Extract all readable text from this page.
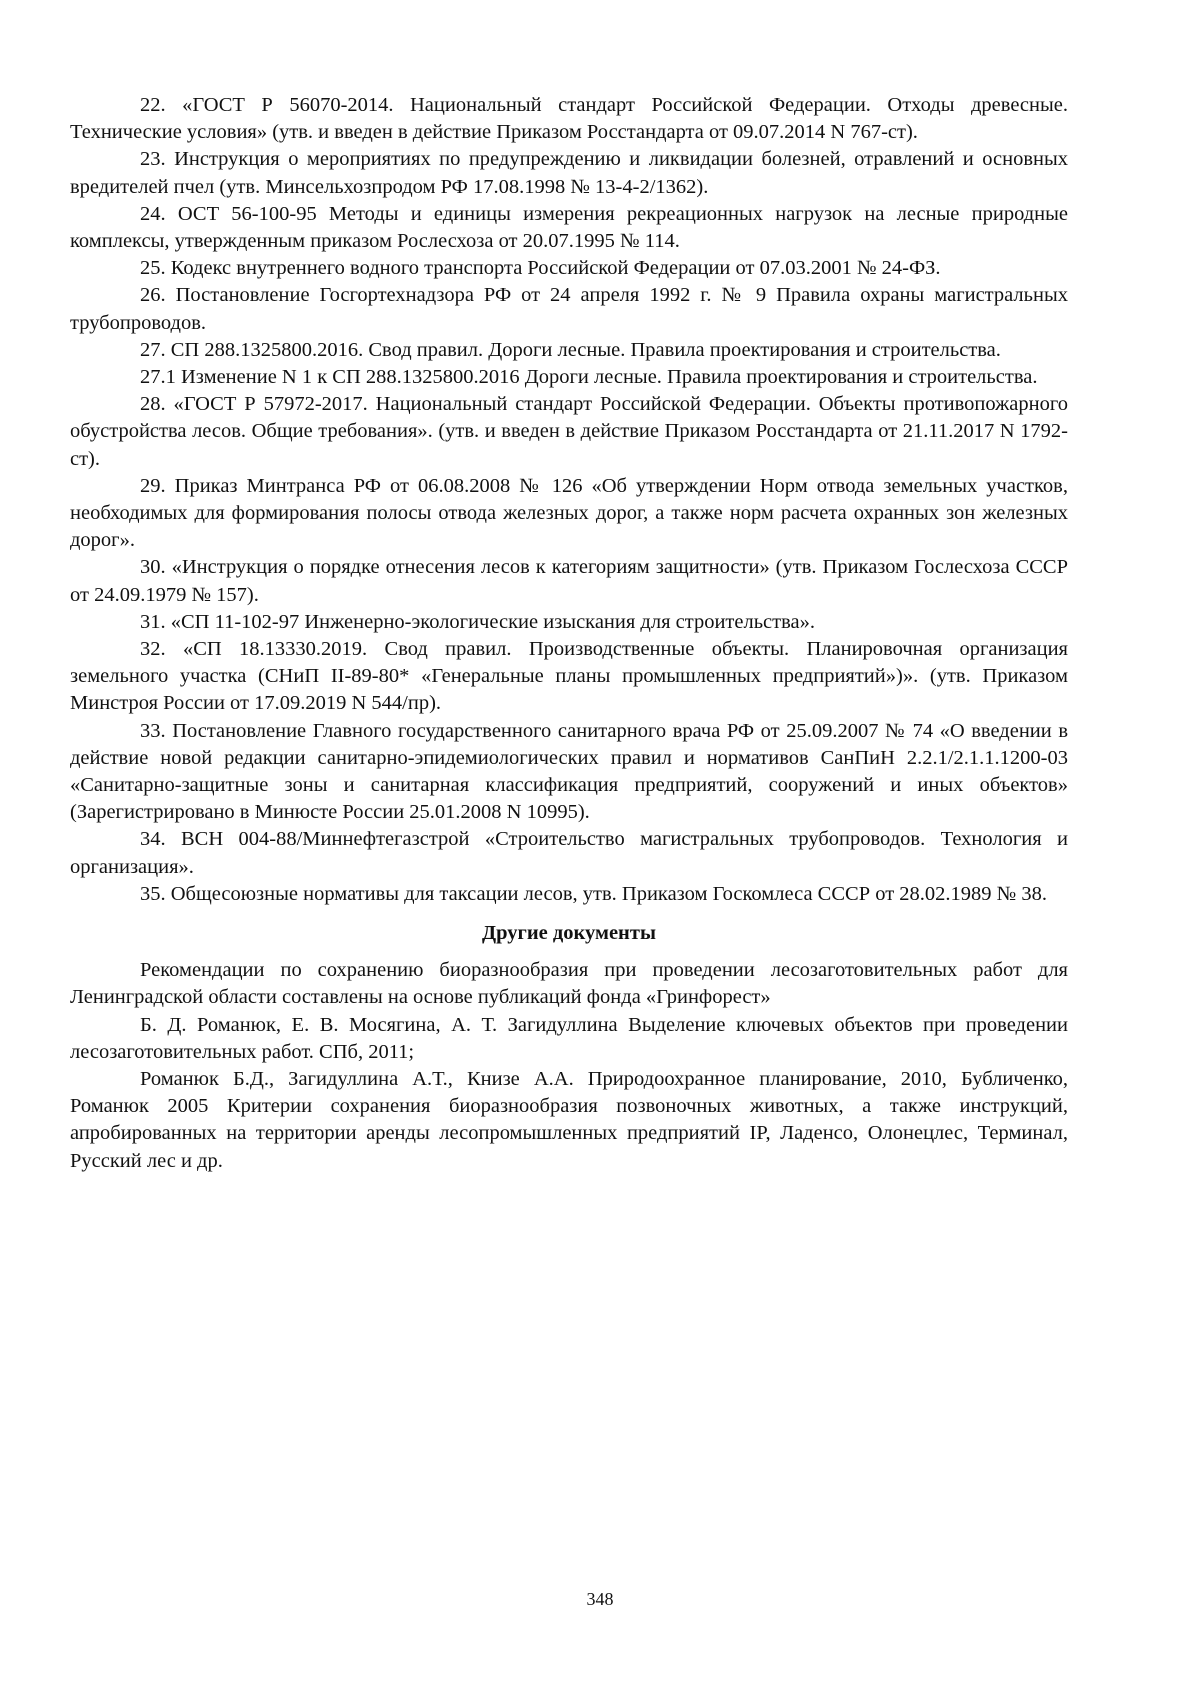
22. «ГОСТ Р 56070-2014. Национальный стандарт Российской Федерации. Отходы древесные. Технические условия» (утв. и введен в действие Приказом Росстандарта от 09.07.2014 N 767-ст).

23. Инструкция о мероприятиях по предупреждению и ликвидации болезней, отравлений и основных вредителей пчел (утв. Минсельхозпродом РФ 17.08.1998 № 13-4-2/1362).

24. ОСТ 56-100-95 Методы и единицы измерения рекреационных нагрузок на лесные природные комплексы, утвержденным приказом Рослесхоза от 20.07.1995 № 114.

25. Кодекс внутреннего водного транспорта Российской Федерации от 07.03.2001 № 24-ФЗ.

26. Постановление Госгортехнадзора РФ от 24 апреля 1992 г. № 9 Правила охраны магистральных трубопроводов.

27. СП 288.1325800.2016. Свод правил. Дороги лесные. Правила проектирования и строительства.

27.1 Изменение N 1 к СП 288.1325800.2016 Дороги лесные. Правила проектирования и строительства.

28. «ГОСТ Р 57972-2017. Национальный стандарт Российской Федерации. Объекты противопожарного обустройства лесов. Общие требования». (утв. и введен в действие Приказом Росстандарта от 21.11.2017 N 1792-ст).

29. Приказ Минтранса РФ от 06.08.2008 № 126 «Об утверждении Норм отвода земельных участков, необходимых для формирования полосы отвода железных дорог, а также норм расчета охранных зон железных дорог».

30. «Инструкция о порядке отнесения лесов к категориям защитности» (утв. Приказом Гослесхоза СССР от 24.09.1979 № 157).

31. «СП 11-102-97 Инженерно-экологические изыскания для строительства».

32. «СП 18.13330.2019. Свод правил. Производственные объекты. Планировочная организация земельного участка (СНиП II-89-80* «Генеральные планы промышленных предприятий»)». (утв. Приказом Минстроя России от 17.09.2019 N 544/пр).

33. Постановление Главного государственного санитарного врача РФ от 25.09.2007 № 74 «О введении в действие новой редакции санитарно-эпидемиологических правил и нормативов СанПиН 2.2.1/2.1.1.1200-03 «Санитарно-защитные зоны и санитарная классификация предприятий, сооружений и иных объектов» (Зарегистрировано в Минюсте России 25.01.2008 N 10995).

34. ВСН 004-88/Миннефтегазстрой «Строительство магистральных трубопроводов. Технология и организация».

35. Общесоюзные нормативы для таксации лесов, утв. Приказом Госкомлеса СССР от 28.02.1989 № 38.

Другие документы

Рекомендации по сохранению биоразнообразия при проведении лесозаготовительных работ для Ленинградской области составлены на основе публикаций фонда «Гринфорест»

Б. Д. Романюк, Е. В. Мосягина, А. Т. Загидуллина Выделение ключевых объектов при проведении лесозаготовительных работ. СПб, 2011;

Романюк Б.Д., Загидуллина А.Т., Книзе А.А. Природоохранное планирование, 2010, Бубличенко, Романюк 2005 Критерии сохранения биоразнообразия позвоночных животных, а также инструкций, апробированных на территории аренды лесопромышленных предприятий IP, Ладенсо, Олонецлес, Терминал, Русский лес и др.

348
